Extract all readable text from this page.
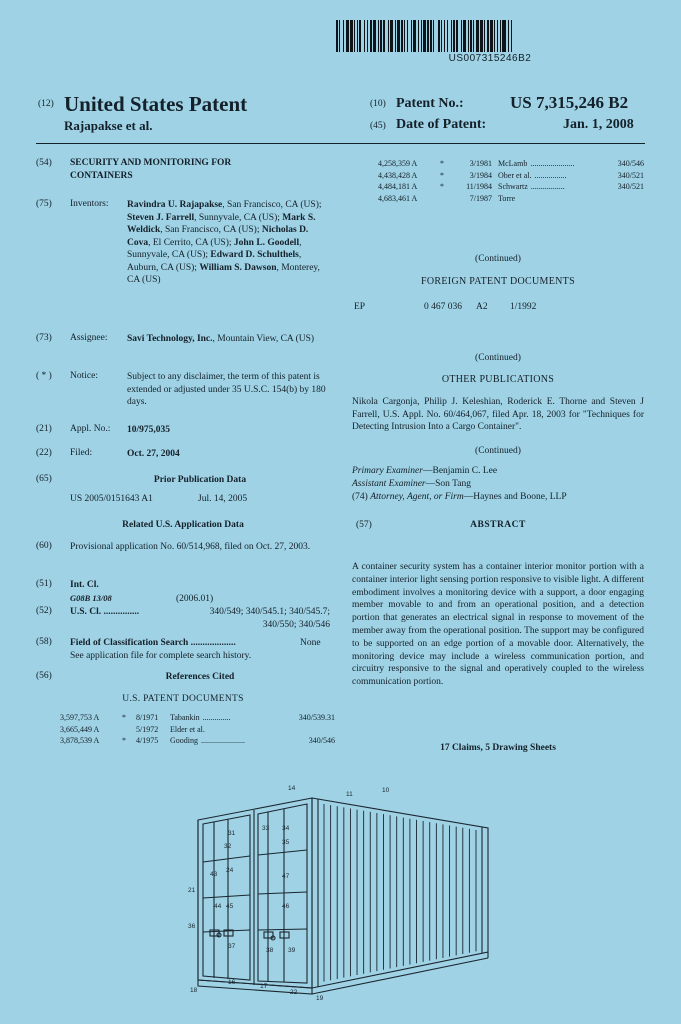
US007315246B2
(12) United States Patent
Rajapakse et al.
(10) Patent No.:	US 7,315,246 B2
(45) Date of Patent:	Jan. 1, 2008
(54) SECURITY AND MONITORING FOR CONTAINERS
(75) Inventors: Ravindra U. Rajapakse, San Francisco, CA (US); Steven J. Farrell, Sunnyvale, CA (US); Mark S. Weldick, San Francisco, CA (US); Nicholas D. Cova, El Cerrito, CA (US); John L. Goodell, Sunnyvale, CA (US); Edward D. Schulthels, Auburn, CA (US); William S. Dawson, Monterey, CA (US)
(73) Assignee: Savi Technology, Inc., Mountain View, CA (US)
( * ) Notice:	Subject to any disclaimer, the term of this patent is extended or adjusted under 35 U.S.C. 154(b) by 180 days.
(21) Appl. No.: 10/975,035
(22) Filed:	Oct. 27, 2004
(65)	Prior Publication Data
US 2005/0151643 A1	Jul. 14, 2005
Related U.S. Application Data
(60) Provisional application No. 60/514,968, filed on Oct. 27, 2003.
(51) Int. Cl.
G08B 13/08	(2006.01)
(52) U.S. Cl. ...............	340/549; 340/545.1; 340/545.7;
340/550; 340/546
(58) Field of Classification Search ...................	None
See application file for complete search history.
(56)	References Cited
U.S. PATENT DOCUMENTS
3,597,753 A	*	8/1971	Tabankin ..............	340/539.31
3,665,449 A	5/1972	Elder et al.
3,878,539 A	*	4/1975	Gooding ......................	340/546
4,258,359 A	*	3/1981 McLamb ......................	340/546
4,438,428 A	*	3/1984 Ober et al. ................	340/521
4,484,181 A	*	11/1984 Schwartz .................	340/521
4,683,461 A	7/1987 Torre
(Continued)
FOREIGN PATENT DOCUMENTS
EP	0 467 036 A2 1/1992
(Continued)
OTHER PUBLICATIONS
Nikola Cargonja, Philip J. Keleshian, Roderick E. Thorne and Steven J Farrell, U.S. Appl. No. 60/464,067, filed Apr. 18, 2003 for "Techniques for Detecting Intrusion Into a Cargo Container".
(Continued)
Primary Examiner—Benjamin C. Lee
Assistant Examiner—Son Tang
(74) Attorney, Agent, or Firm—Haynes and Boone, LLP
(57)	ABSTRACT
A container security system has a container interior monitor portion with a container interior light sensing portion responsive to visible light. A different embodiment involves a monitoring device with a support, a door engaging member movable to and from an operational position, and a detection portion that generates an electrical signal in response to movement of the member away from the operational position. The support may be configured to be supported on an edge portion of a movable door. Alternatively, the monitoring device may include a wireless communication portion, and circuitry responsive to the signal and operatively coupled to the wireless communication portion.
17 Claims, 5 Drawing Sheets
14
11
10
31
33 34
32
35
24
43	47
21
44 45	46
36
37
38 39
18
16
17
22
19
